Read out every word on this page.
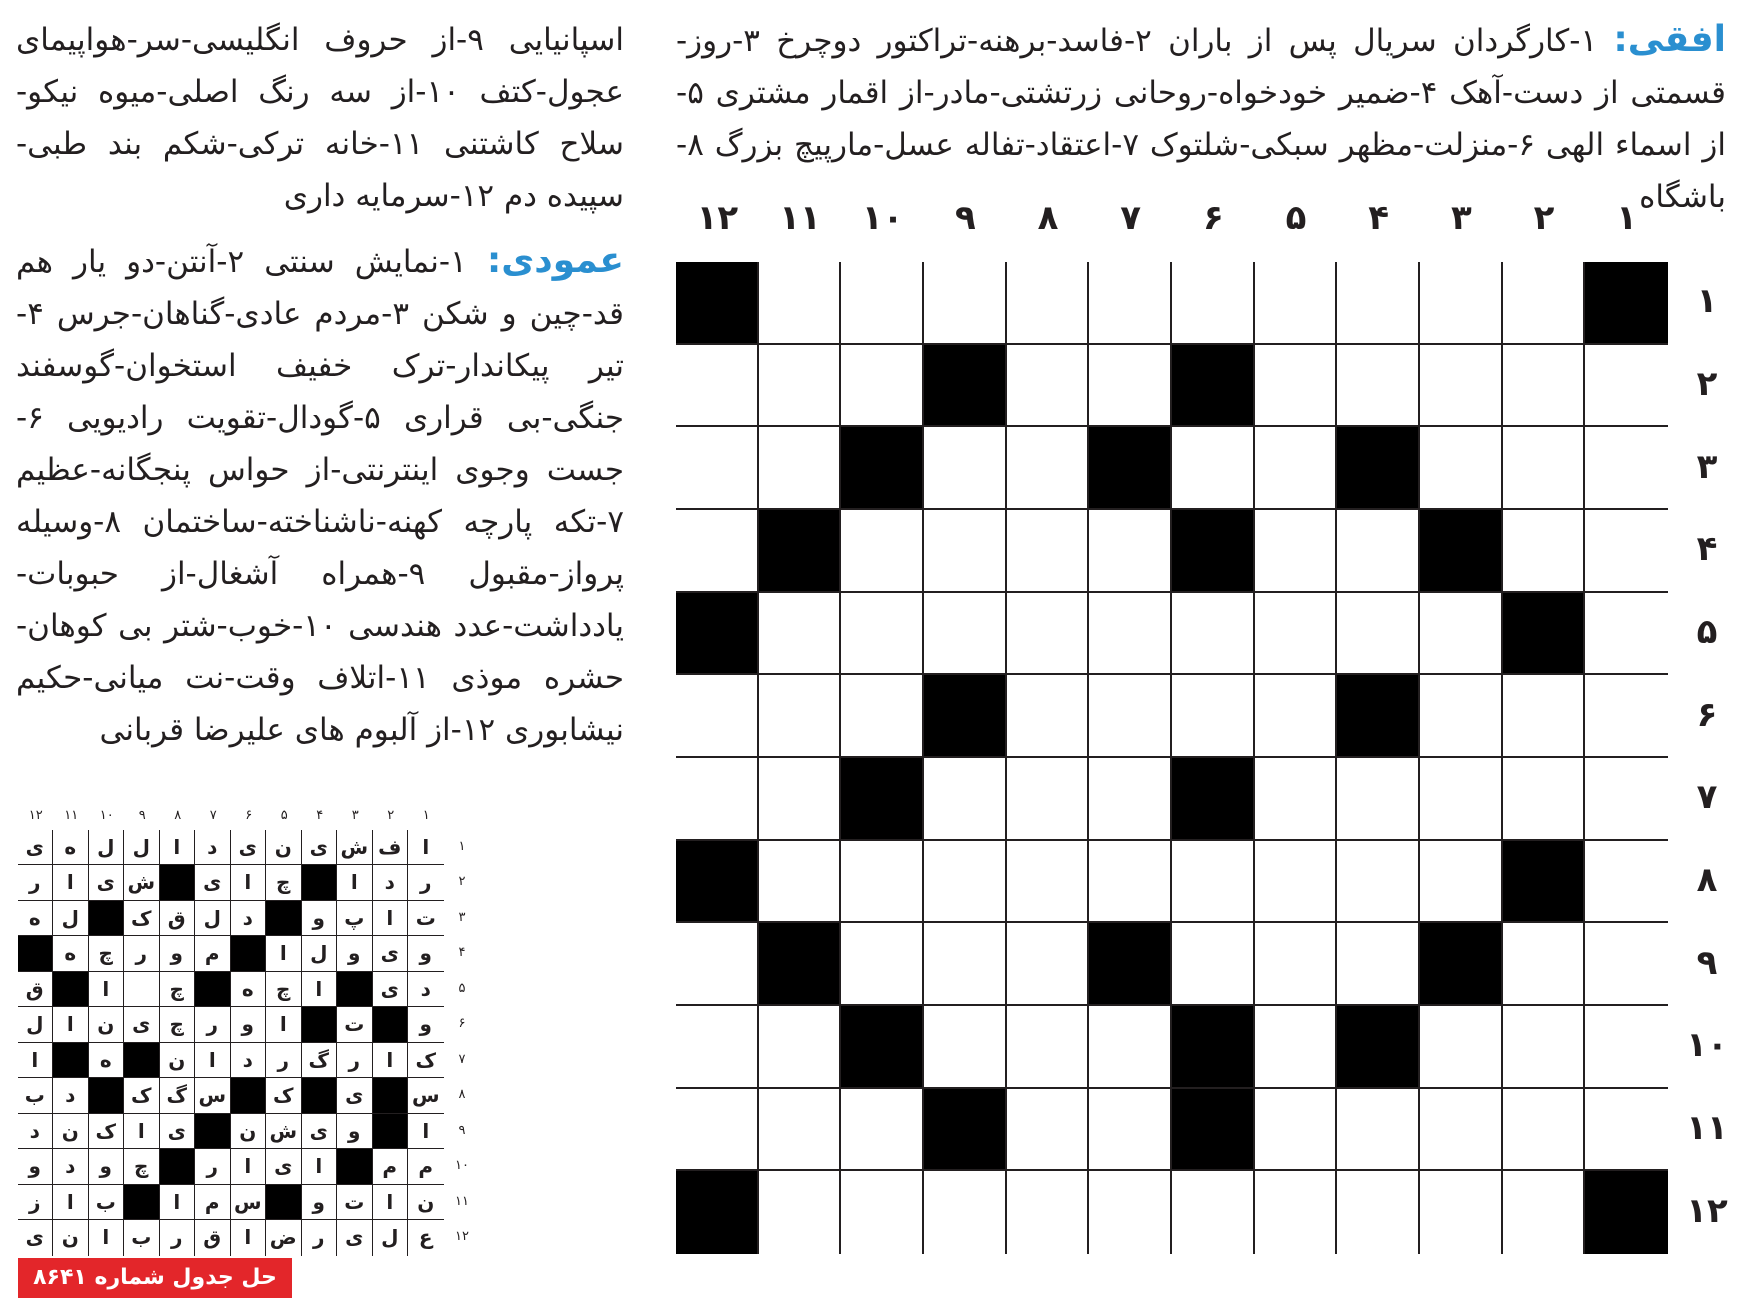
افقی: ۱-کارگردان سریال پس از باران ۲-فاسد-برهنه-تراکتور دوچرخ ۳-روز-قسمتی از دست-آهک ۴-ضمیر خودخواه-روحانی زرتشتی-مادر-از اقمار مشتری ۵-از اسماء الهی ۶-منزلت-مظهر سبکی-شلتوک ۷-اعتقاد-تفاله عسل-مارپیچ بزرگ ۸-باشگاه
اسپانیایی ۹-از حروف انگلیسی-سر-هواپیمای عجول-کتف ۱۰-از سه رنگ اصلی-میوه نیکو-سلاح کاشتنی ۱۱-خانه ترکی-شکم بند طبی-سپیده دم ۱۲-سرمایه داری
عمودی: ۱-نمایش سنتی ۲-آنتن-دو یار هم قد-چین و شکن ۳-مردم عادی-گناهان-جرس ۴-تیر پیکاندار-ترک خفیف استخوان-گوسفند جنگی-بی قراری ۵-گودال-تقویت رادیویی ۶-جست وجوی اینترنتی-از حواس پنجگانه-عظیم ۷-تکه پارچه کهنه-ناشناخته-ساختمان ۸-وسیله پرواز-مقبول ۹-همراه آشغال-از حبوبات-یادداشت-عدد هندسی ۱۰-خوب-شتر بی کوهان-حشره موذی ۱۱-اتلاف وقت-نت میانی-حکیم نیشابوری ۱۲-از آلبوم های علیرضا قربانی
۱
۲
۳
۴
۵
۶
۷
۸
۹
۱۰
۱۱
۱۲
۱
۲
۳
۴
۵
۶
۷
۸
۹
۱۰
۱۱
۱۲
۱
۲
۳
۴
۵
۶
۷
۸
۹
۱۰
۱۱
۱۲
۱
۲
۳
۴
۵
۶
۷
۸
۹
۱۰
۱۱
۱۲
ا
ف
ش
ی
ن
ی
د
ا
ل
ل
ه
ی
ر
د
ا
چ
ا
ی
ش
ی
ا
ر
ت
ا
پ
و
د
ل
ق
ک
ل
ه
و
ی
و
ل
ا
م
و
ر
چ
ه
د
ی
ا
چ
ه
چ
ا
ق
و
ت
ا
و
ر
چ
ی
ن
ا
ل
ک
ا
ر
گ
ر
د
ا
ن
ه
ا
س
ی
ک
س
گ
ک
د
ب
ا
و
ی
ش
ن
ی
ا
ک
ن
د
م
م
ا
ی
ا
ر
چ
و
د
و
ن
ا
ت
و
س
م
ا
ب
ا
ز
ع
ل
ی
ر
ض
ا
ق
ر
ب
ا
ن
ی
حل جدول شماره ۸۶۴۱
